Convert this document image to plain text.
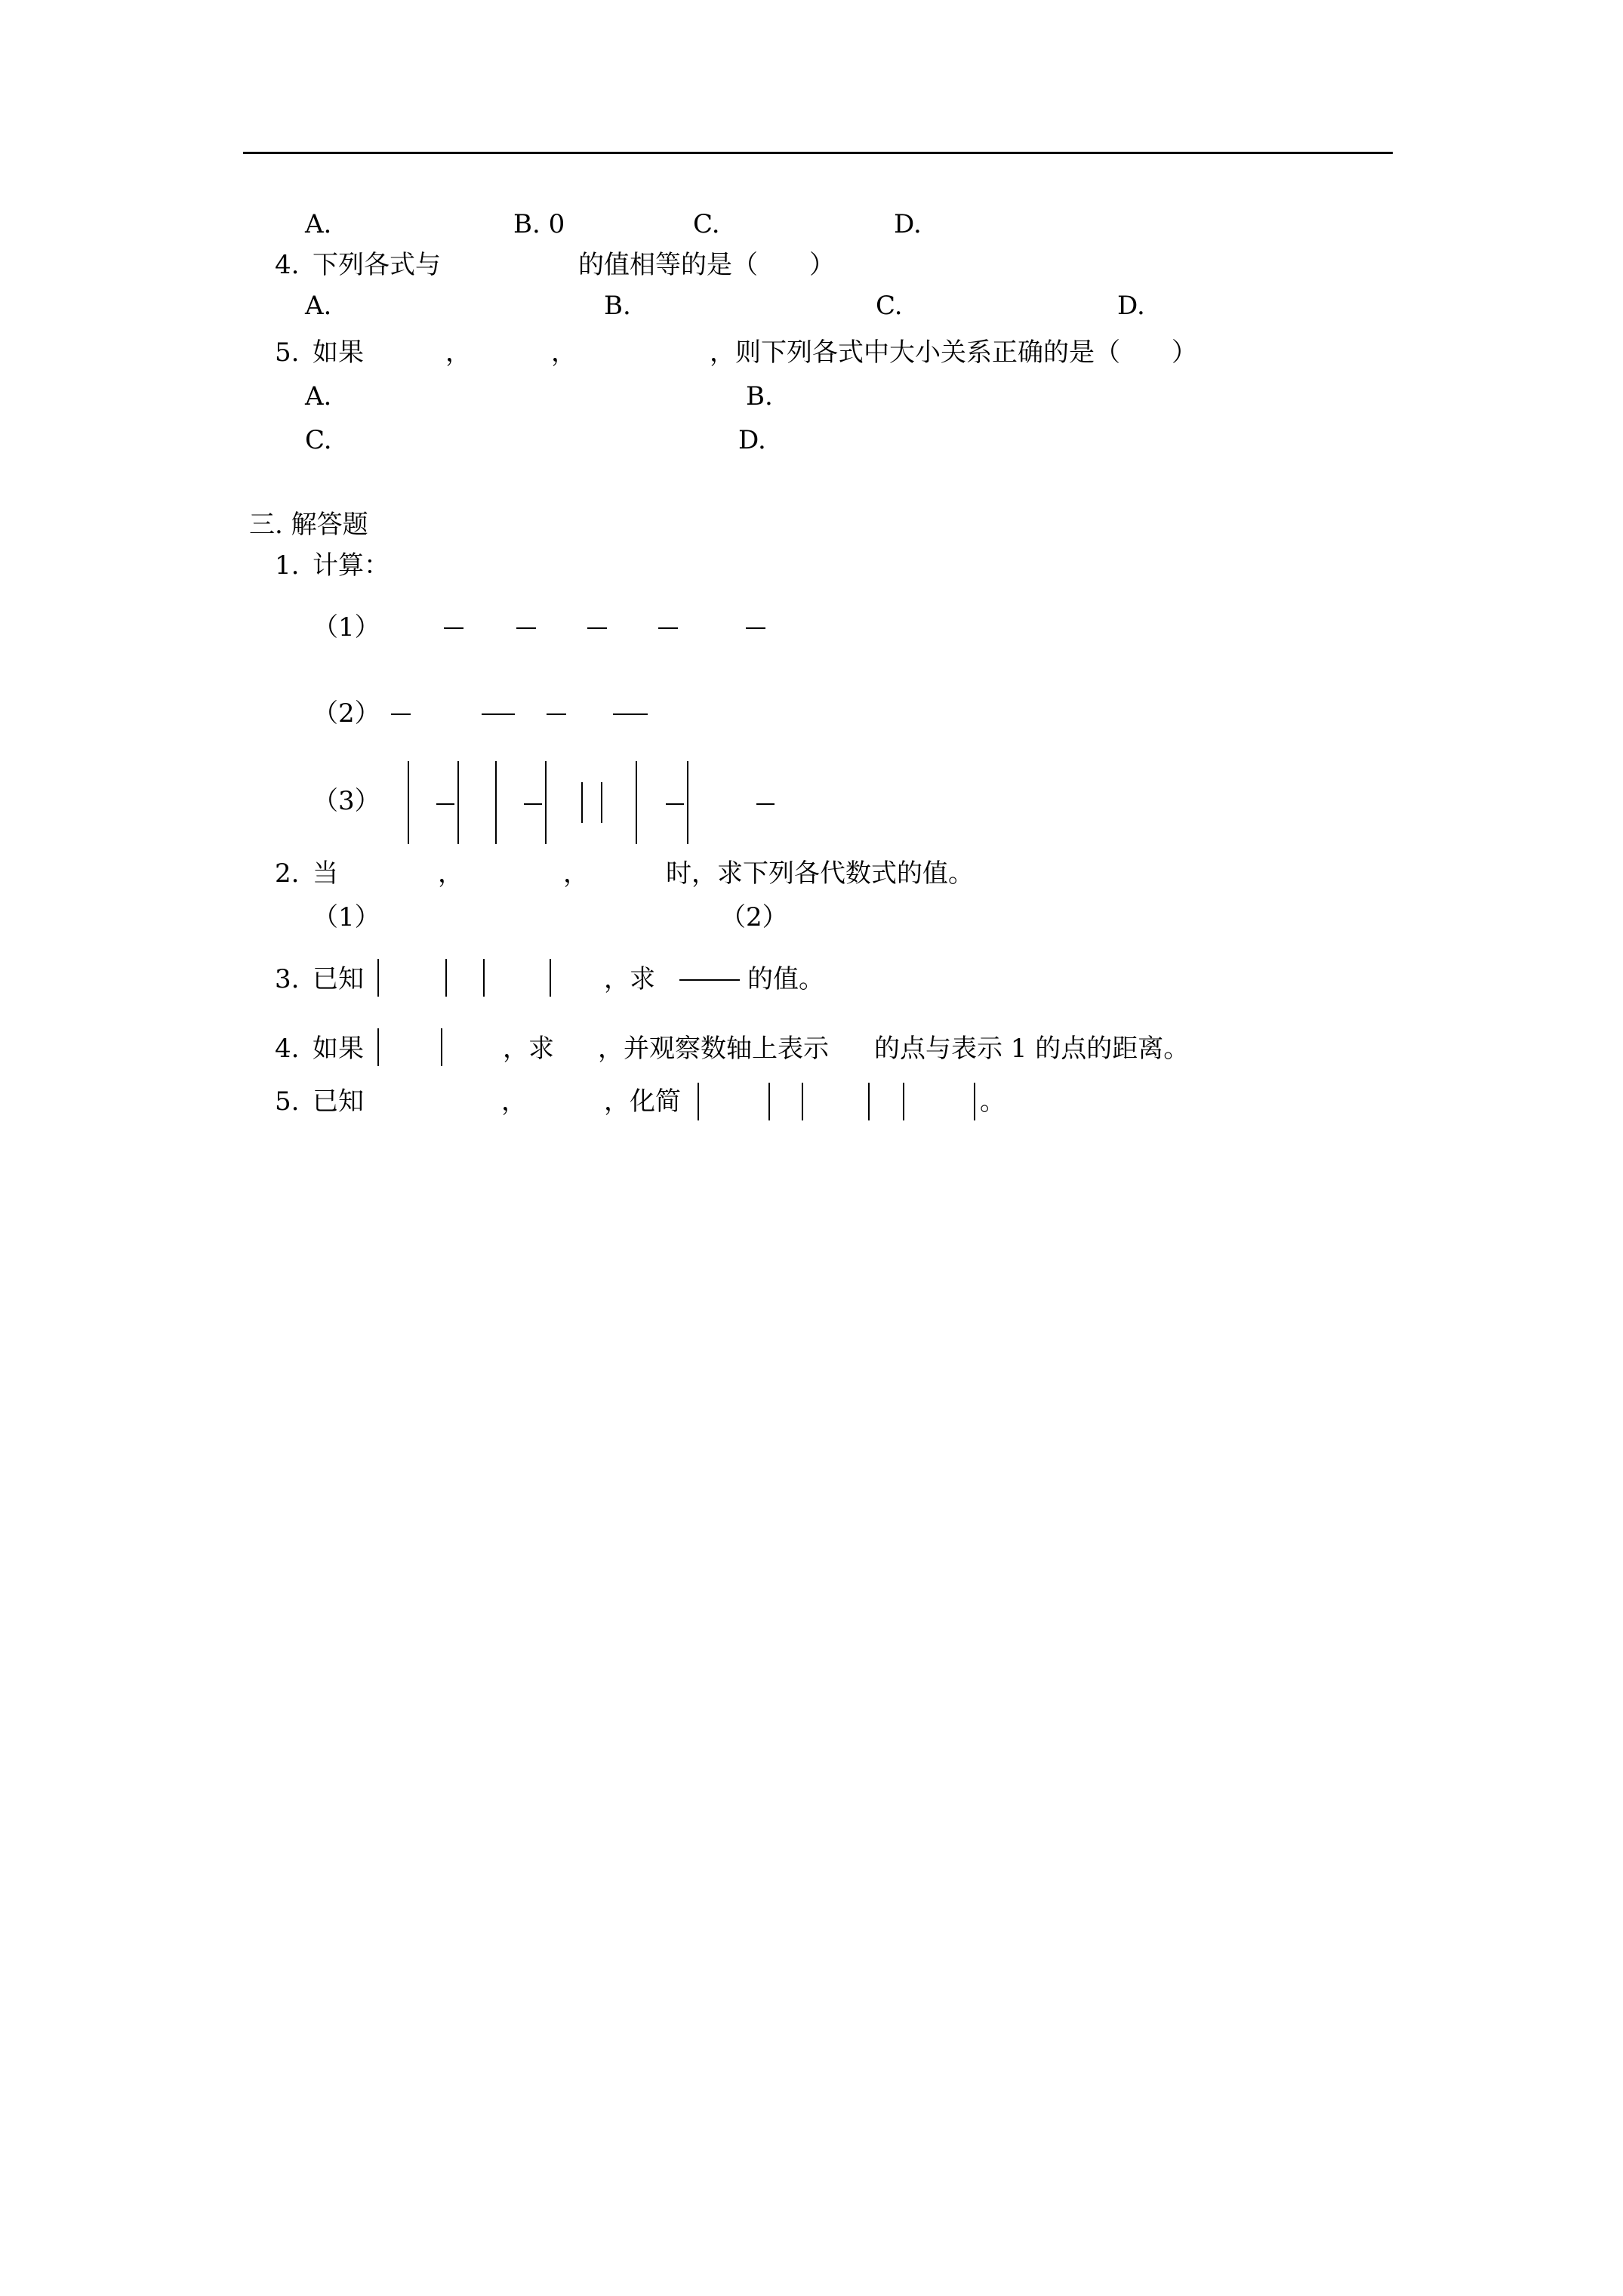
A.	B. 0	C.	D.
4. 下列各式与	的值相等的是（　　）
A.	B.	C.	D.
5. 如果	，	，	，则下列各式中大小关系正确的是（　　）
A.	B.
C.	D.
三. 解答题
1. 计算：
（1）
（2）
（3）
2. 当	，	，	时，求下列各代数式的值。
（1）	（2）
3. 已知	，求	的值。
4. 如果	，求 ，并观察数轴上表示 的点与表示 1 的点的距离。
5. 已知	，	，化简	。
